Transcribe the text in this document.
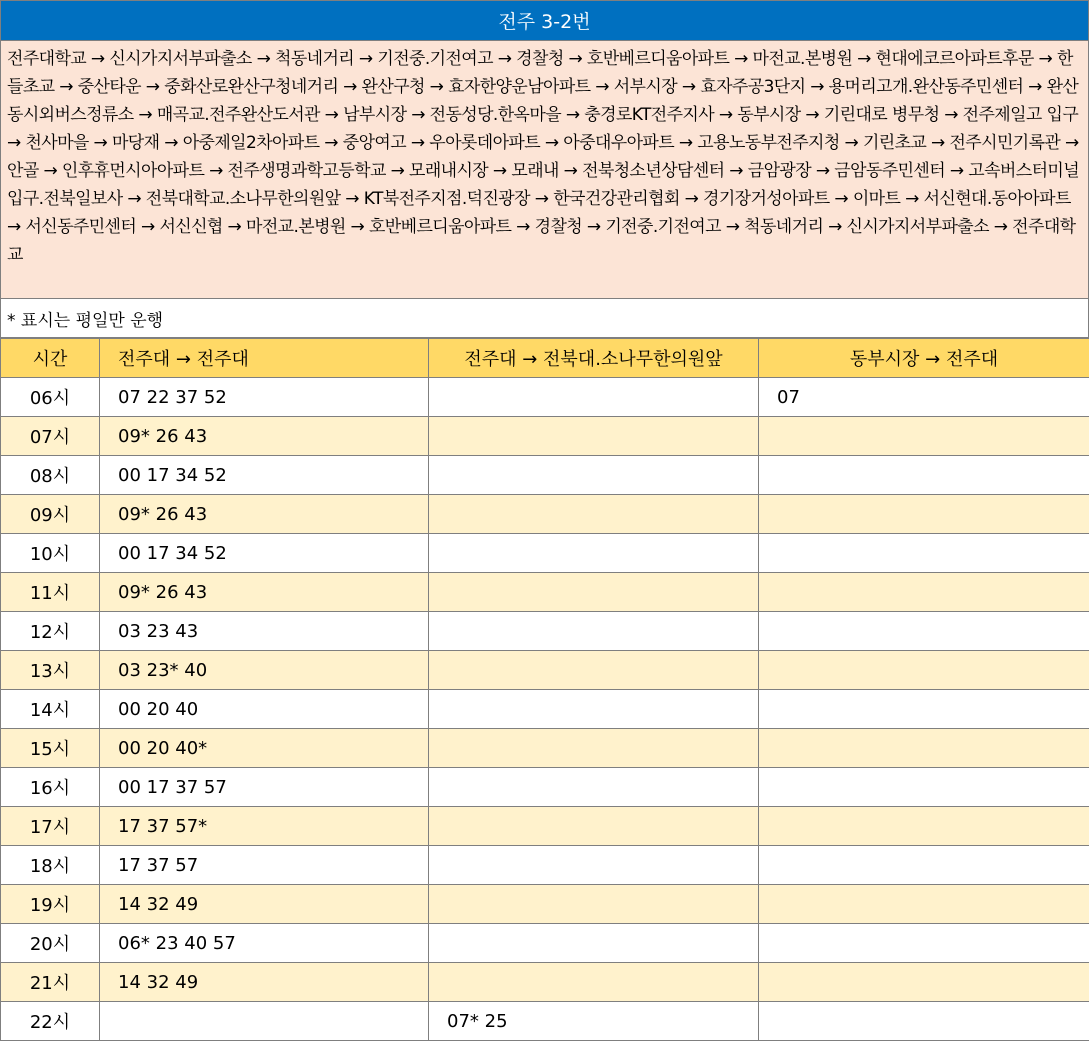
전주 3-2번
전주대학교 → 신시가지서부파출소 → 척동네거리 → 기전중.기전여고 → 경찰청 → 호반베르디움아파트 → 마전교.본병원 → 현대에코르아파트후문 → 한들초교 → 중산타운 → 중화산로완산구청네거리 → 완산구청 → 효자한양운남아파트 → 서부시장 → 효자주공3단지 → 용머리고개.완산동주민센터 → 완산동시외버스정류소 → 매곡교.전주완산도서관 → 남부시장 → 전동성당.한옥마을 → 충경로KT전주지사 → 동부시장 → 기린대로 병무청 → 전주제일고 입구 → 천사마을 → 마당재 → 아중제일2차아파트 → 중앙여고 → 우아롯데아파트 → 아중대우아파트 → 고용노동부전주지청 → 기린초교 → 전주시민기록관 → 안골 → 인후휴먼시아아파트 → 전주생명과학고등학교 → 모래내시장 → 모래내 → 전북청소년상담센터 → 금암광장 → 금암동주민센터 → 고속버스터미널입구.전북일보사 → 전북대학교.소나무한의원앞 → KT북전주지점.덕진광장 → 한국건강관리협회 → 경기장거성아파트 → 이마트 → 서신현대.동아아파트 → 서신동주민센터 → 서신신협 → 마전교.본병원 → 호반베르디움아파트 → 경찰청 → 기전중.기전여고 → 척동네거리 → 신시가지서부파출소 → 전주대학교
* 표시는 평일만 운행
시간	전주대 → 전주대	전주대 → 전북대.소나무한의원앞	동부시장 → 전주대
06시	07 22 37 52		07
07시	09* 26 43		
08시	00 17 34 52		
09시	09* 26 43		
10시	00 17 34 52		
11시	09* 26 43		
12시	03 23 43		
13시	03 23* 40		
14시	00 20 40		
15시	00 20 40*		
16시	00 17 37 57		
17시	17 37 57*		
18시	17 37 57		
19시	14 32 49		
20시	06* 23 40 57		
21시	14 32 49		
22시		07* 25	
